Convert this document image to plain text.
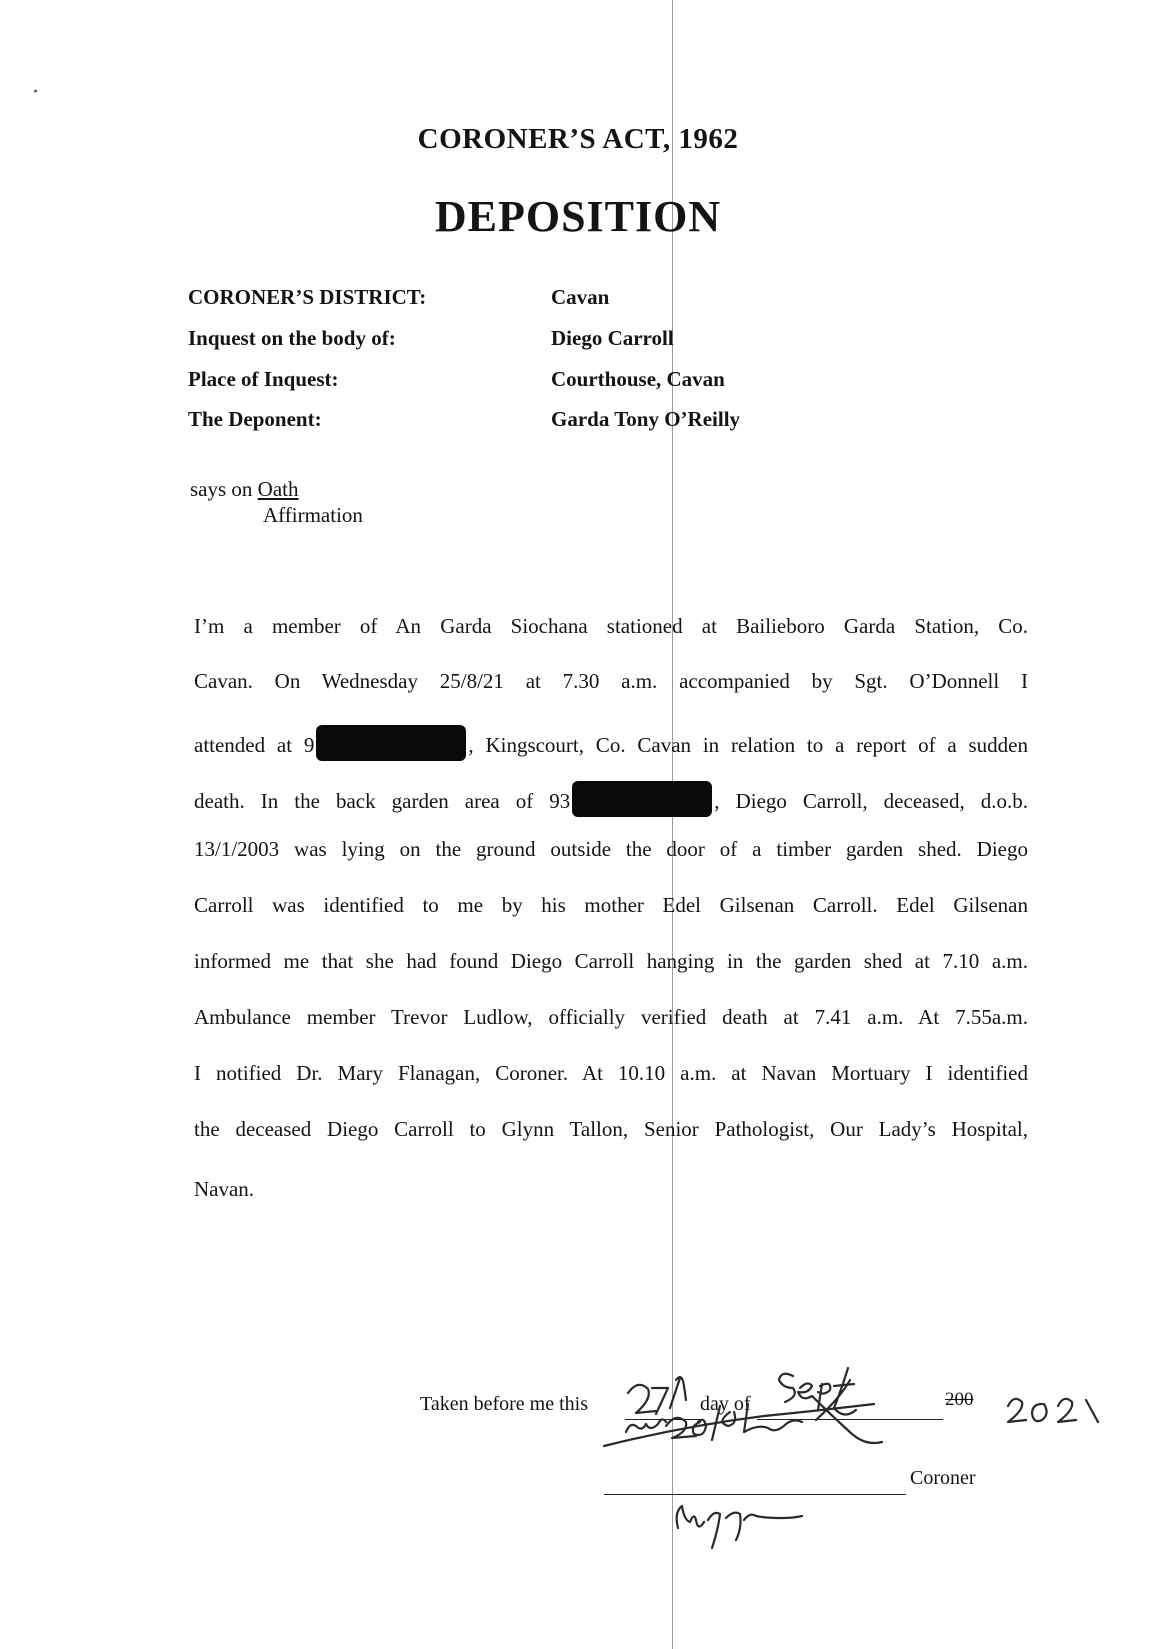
CORONER’S ACT, 1962
DEPOSITION
CORONER’S DISTRICT:	Cavan
Inquest on the body of:	Diego Carroll
Place of Inquest:	Courthouse, Cavan
The Deponent:	Garda Tony O’Reilly
says on Oath
Affirmation
I’m a member of An Garda Siochana stationed at Bailieboro Garda Station, Co.
Cavan. On Wednesday 25/8/21 at 7.30 a.m. accompanied by Sgt. O’Donnell I
attended at 9	, Kingscourt, Co. Cavan in relation to a report of a sudden
death. In the back garden area of 93	, Diego Carroll, deceased, d.o.b.
13/1/2003 was lying on the ground outside the door of a timber garden shed. Diego
Carroll was identified to me by his mother Edel Gilsenan Carroll. Edel Gilsenan
informed me that she had found Diego Carroll hanging in the garden shed at 7.10 a.m.
Ambulance member Trevor Ludlow, officially verified death at 7.41 a.m. At 7.55a.m.
I notified Dr. Mary Flanagan, Coroner. At 10.10 a.m. at Navan Mortuary I identified
the deceased Diego Carroll to Glynn Tallon, Senior Pathologist, Our Lady’s Hospital,
Navan.
Taken before me this	day of	200
Coroner
